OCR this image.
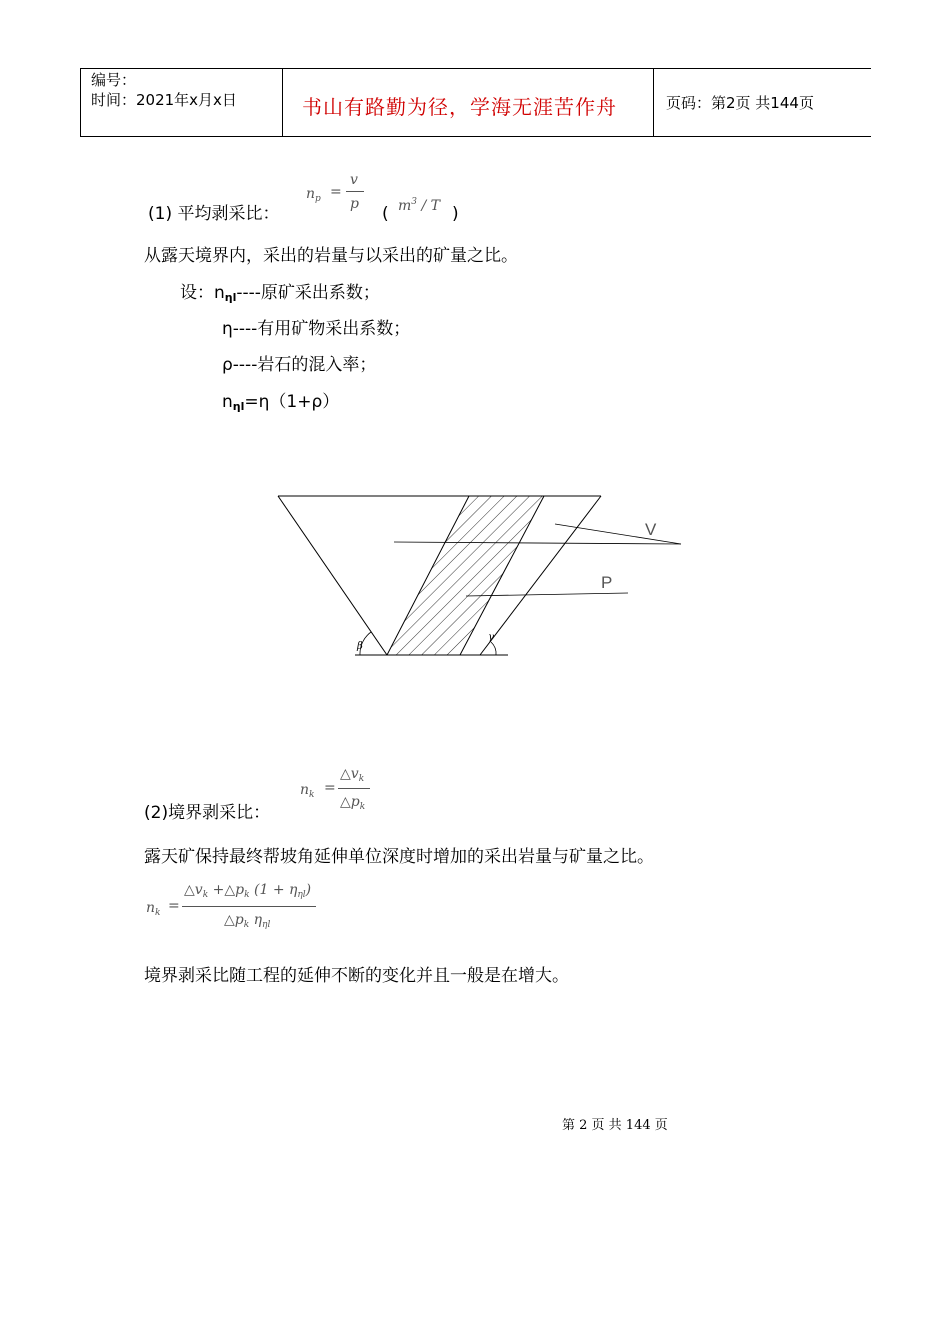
编号：
时间：2021年x月x日	书山有路勤为径，学海无涯苦作舟	页码：第2页 共144页
(1) 平均剥采比：
$n_p$ =
v
p ( $m^3$ / T )
从露天境界内，采出的岩量与以采出的矿量之比。
设：nηl----原矿采出系数；
η----有用矿物采出系数；
ρ----岩石的混入率；
nηl=η（1+ρ）
V
P
β
γ
(2)境界剥采比：
$n_k$ =
$\triangle v_k$
$\triangle p_k$
露天矿保持最终帮坡角延伸单位深度时增加的采出岩量与矿量之比。
$n_k$ =
$\triangle v_k$ $+\triangle p_k$ $(1 + \eta_{\eta l})$
$\triangle p_k$ $\eta_{\eta l}$
境界剥采比随工程的延伸不断的变化并且一般是在增大。
第 2 页 共 144 页
